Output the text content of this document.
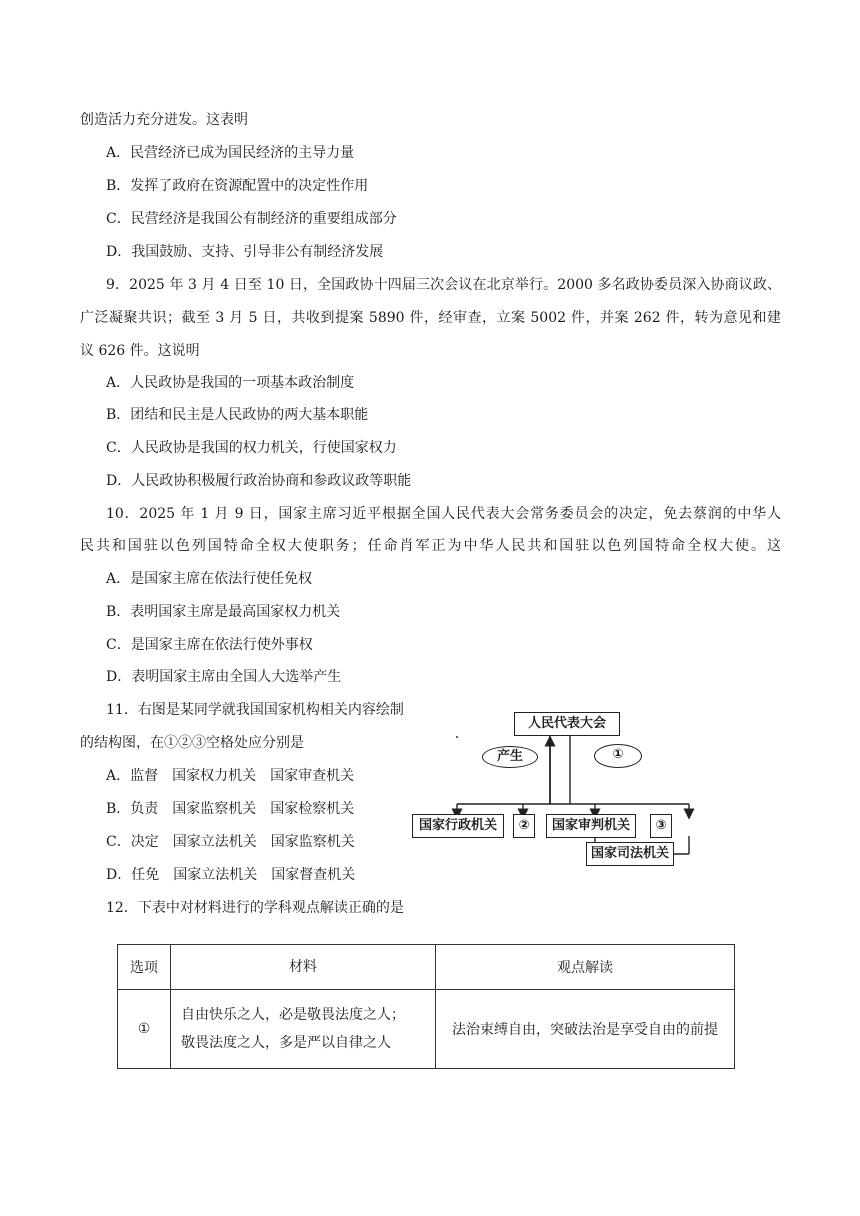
创造活力充分迸发。这表明
A．民营经济已成为国民经济的主导力量
B．发挥了政府在资源配置中的决定性作用
C．民营经济是我国公有制经济的重要组成部分
D．我国鼓励、支持、引导非公有制经济发展
9．2025 年 3 月 4 日至 10 日，全国政协十四届三次会议在北京举行。2000 多名政协委员深入协商议政、
广泛凝聚共识；截至 3 月 5 日，共收到提案 5890 件，经审查，立案 5002 件，并案 262 件，转为意见和建
议 626 件。这说明
A．人民政协是我国的一项基本政治制度
B．团结和民主是人民政协的两大基本职能
C．人民政协是我国的权力机关，行使国家权力
D．人民政协积极履行政治协商和参政议政等职能
10．2025 年 1 月 9 日，国家主席习近平根据全国人民代表大会常务委员会的决定，免去蔡润的中华人
民共和国驻以色列国特命全权大使职务；任命肖军正为中华人民共和国驻以色列国特命全权大使。这
A．是国家主席在依法行使任免权
B．表明国家主席是最高国家权力机关
C．是国家主席在依法行使外事权
D．表明国家主席由全国人大选举产生
11．右图是某同学就我国国家机构相关内容绘制
的结构图，在①②③空格处应分别是
A．监督　国家权力机关　国家审查机关
B．负责　国家监察机关　国家检察机关
C．决定　国家立法机关　国家监察机关
D．任免　国家立法机关　国家督查机关
人民代表大会
产生	①
国家行政机关	②	国家审判机关	③
国家司法机关
12．下表中对材料进行的学科观点解读正确的是
选项	材料	观点解读
①	自由快乐之人，必是敬畏法度之人；
敬畏法度之人，多是严以自律之人	法治束缚自由，突破法治是享受自由的前提
